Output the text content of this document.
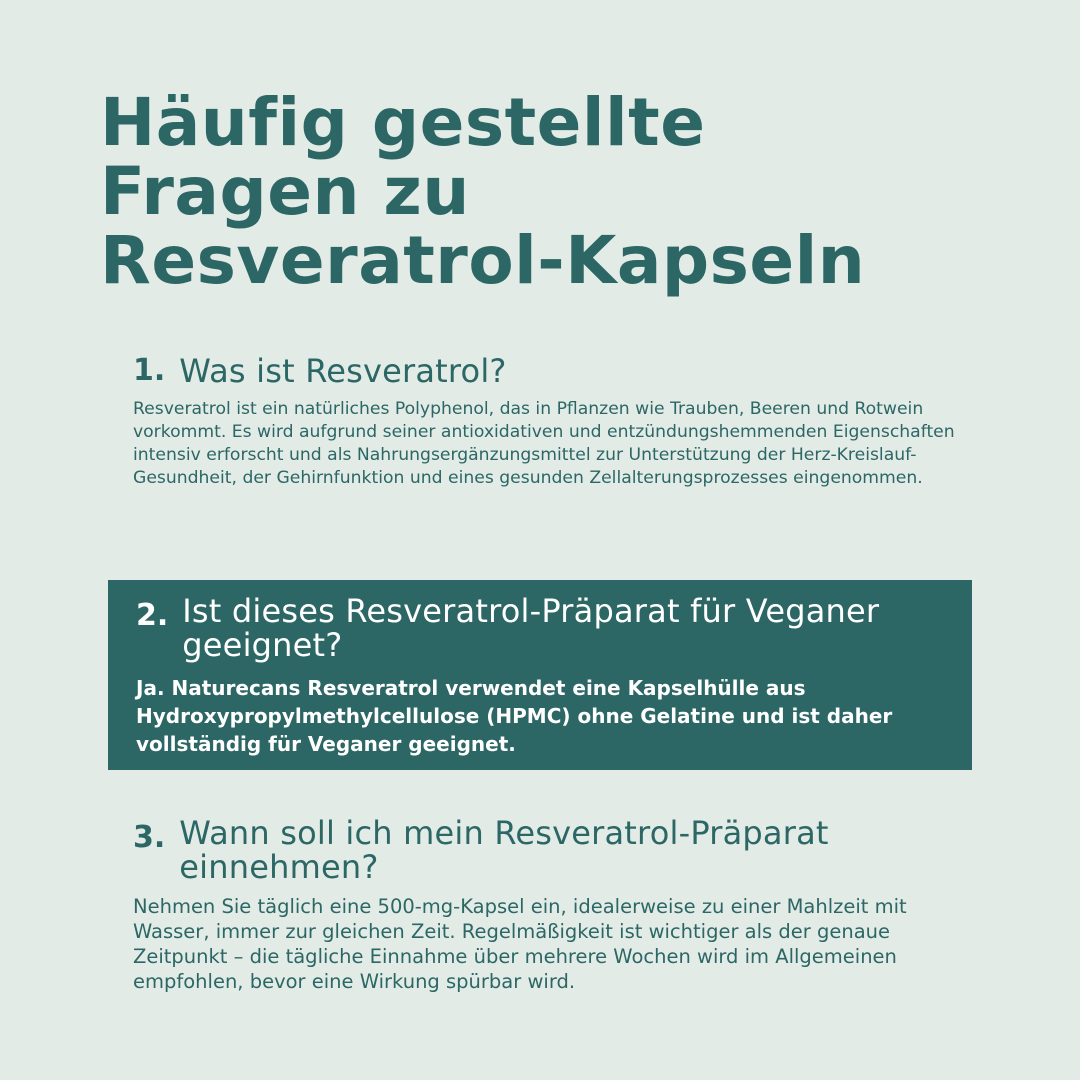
Häufig gestellte
Fragen zu
Resveratrol-Kapseln
1. Was ist Resveratrol?

Resveratrol ist ein natürliches Polyphenol, das in Pflanzen wie Trauben, Beeren und Rotwein vorkommt. Es wird aufgrund seiner antioxidativen und entzündungshemmenden Eigenschaften intensiv erforscht und als Nahrungsergänzungsmittel zur Unterstützung der Herz-Kreislauf-Gesundheit, der Gehirnfunktion und eines gesunden Zellalterungsprozesses eingenommen.

2. Ist dieses Resveratrol-Präparat für Veganer geeignet?

Ja. Naturecans Resveratrol verwendet eine Kapselhülle aus Hydroxypropylmethylcellulose (HPMC) ohne Gelatine und ist daher vollständig für Veganer geeignet.

3. Wann soll ich mein Resveratrol-Präparat einnehmen?

Nehmen Sie täglich eine 500-mg-Kapsel ein, idealerweise zu einer Mahlzeit mit Wasser, immer zur gleichen Zeit. Regelmäßigkeit ist wichtiger als der genaue Zeitpunkt – die tägliche Einnahme über mehrere Wochen wird im Allgemeinen empfohlen, bevor eine Wirkung spürbar wird.
